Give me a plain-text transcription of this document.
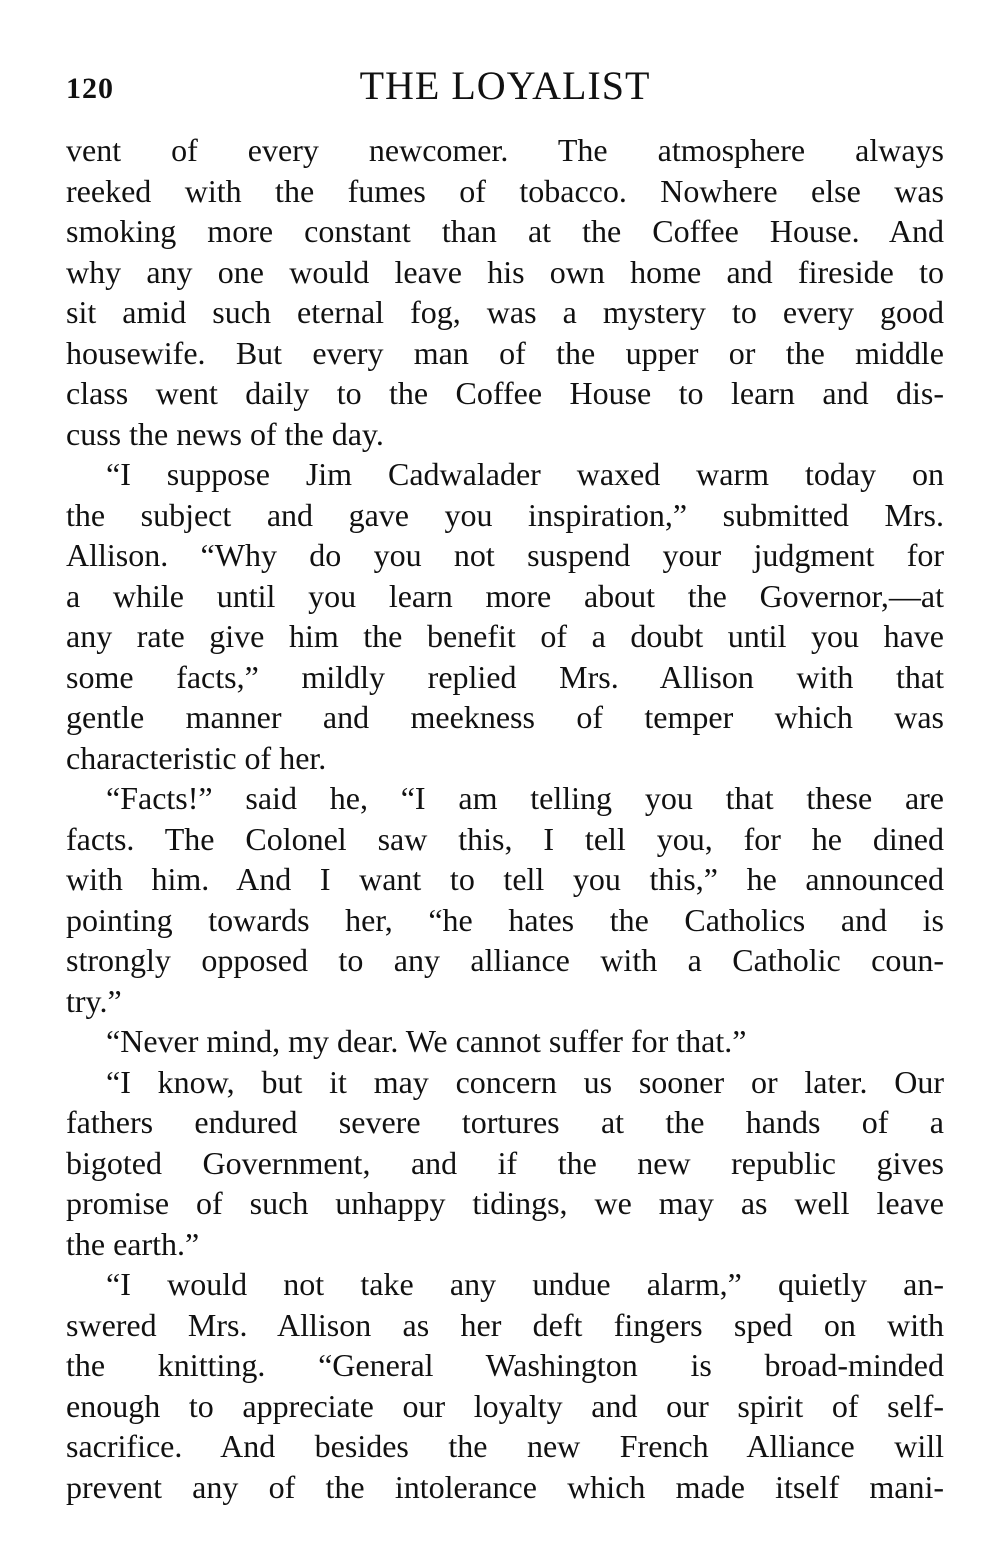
120	THE LOYALIST
vent of every newcomer. The atmosphere always
reeked with the fumes of tobacco. Nowhere else was
smoking more constant than at the Coffee House. And
why any one would leave his own home and fireside to
sit amid such eternal fog, was a mystery to every good
housewife. But every man of the upper or the middle
class went daily to the Coffee House to learn and dis-
cuss the news of the day.
“I suppose Jim Cadwalader waxed warm today on
the subject and gave you inspiration,” submitted Mrs.
Allison. “Why do you not suspend your judgment for
a while until you learn more about the Governor,—at
any rate give him the benefit of a doubt until you have
some facts,” mildly replied Mrs. Allison with that
gentle manner and meekness of temper which was
characteristic of her.
“Facts!” said he, “I am telling you that these are
facts. The Colonel saw this, I tell you, for he dined
with him. And I want to tell you this,” he announced
pointing towards her, “he hates the Catholics and is
strongly opposed to any alliance with a Catholic coun-
try.”
“Never mind, my dear. We cannot suffer for that.”
“I know, but it may concern us sooner or later. Our
fathers endured severe tortures at the hands of a
bigoted Government, and if the new republic gives
promise of such unhappy tidings, we may as well leave
the earth.”
“I would not take any undue alarm,” quietly an-
swered Mrs. Allison as her deft fingers sped on with
the knitting. “General Washington is broad-minded
enough to appreciate our loyalty and our spirit of self-
sacrifice. And besides the new French Alliance will
prevent any of the intolerance which made itself mani-
